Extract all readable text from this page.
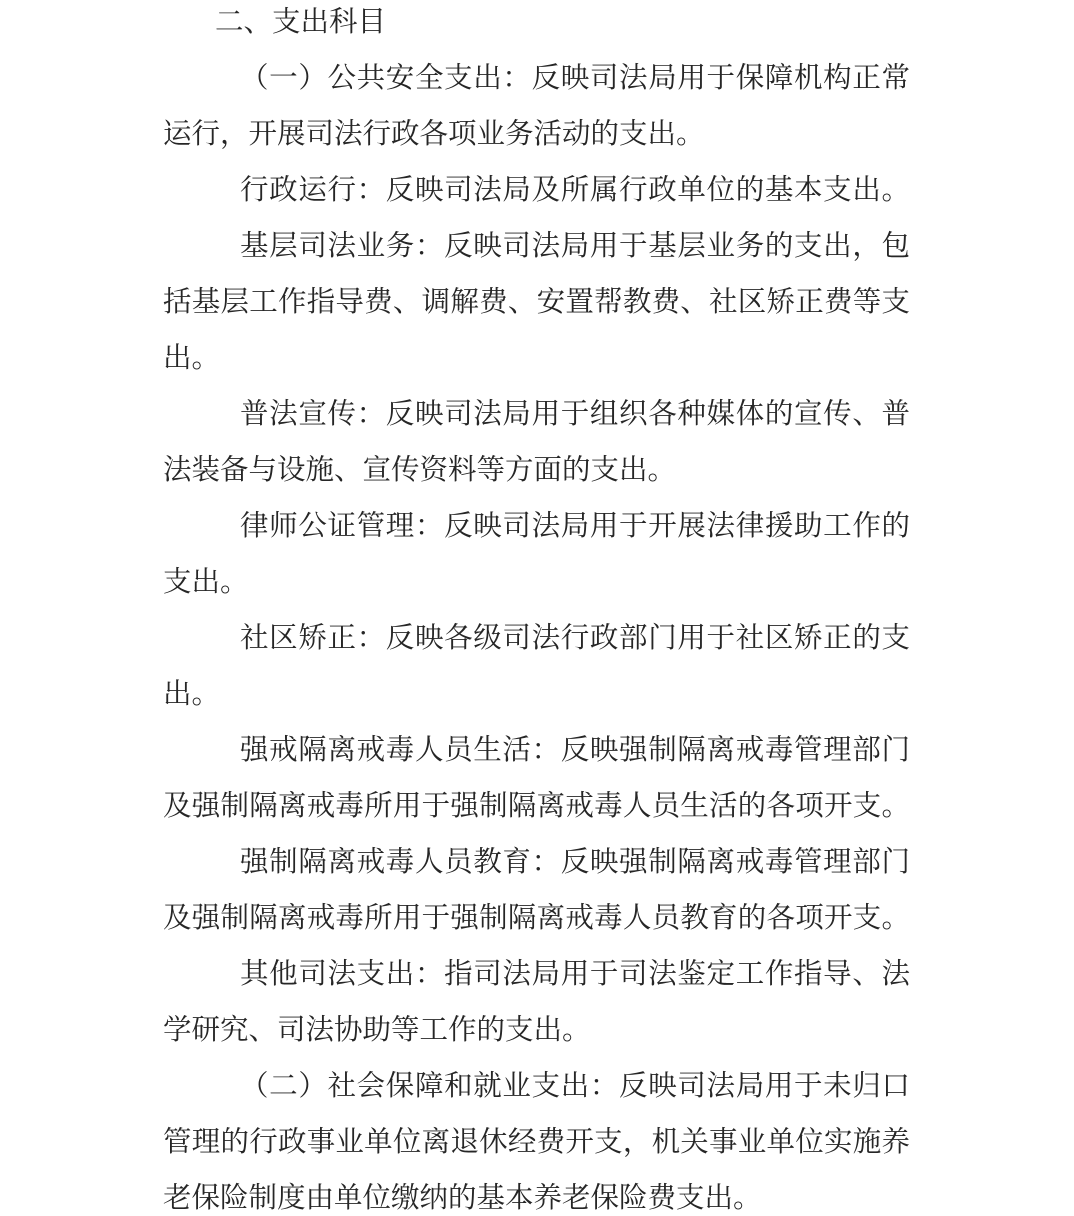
二、支出科目
（一）公共安全支出：反映司法局用于保障机构正常
运行，开展司法行政各项业务活动的支出。
行政运行：反映司法局及所属行政单位的基本支出。
基层司法业务：反映司法局用于基层业务的支出，包
括基层工作指导费、调解费、安置帮教费、社区矫正费等支
出。
普法宣传：反映司法局用于组织各种媒体的宣传、普
法装备与设施、宣传资料等方面的支出。
律师公证管理：反映司法局用于开展法律援助工作的
支出。
社区矫正：反映各级司法行政部门用于社区矫正的支
出。
强戒隔离戒毒人员生活：反映强制隔离戒毒管理部门
及强制隔离戒毒所用于强制隔离戒毒人员生活的各项开支。
强制隔离戒毒人员教育：反映强制隔离戒毒管理部门
及强制隔离戒毒所用于强制隔离戒毒人员教育的各项开支。
其他司法支出：指司法局用于司法鉴定工作指导、法
学研究、司法协助等工作的支出。
（二）社会保障和就业支出：反映司法局用于未归口
管理的行政事业单位离退休经费开支，机关事业单位实施养
老保险制度由单位缴纳的基本养老保险费支出。
